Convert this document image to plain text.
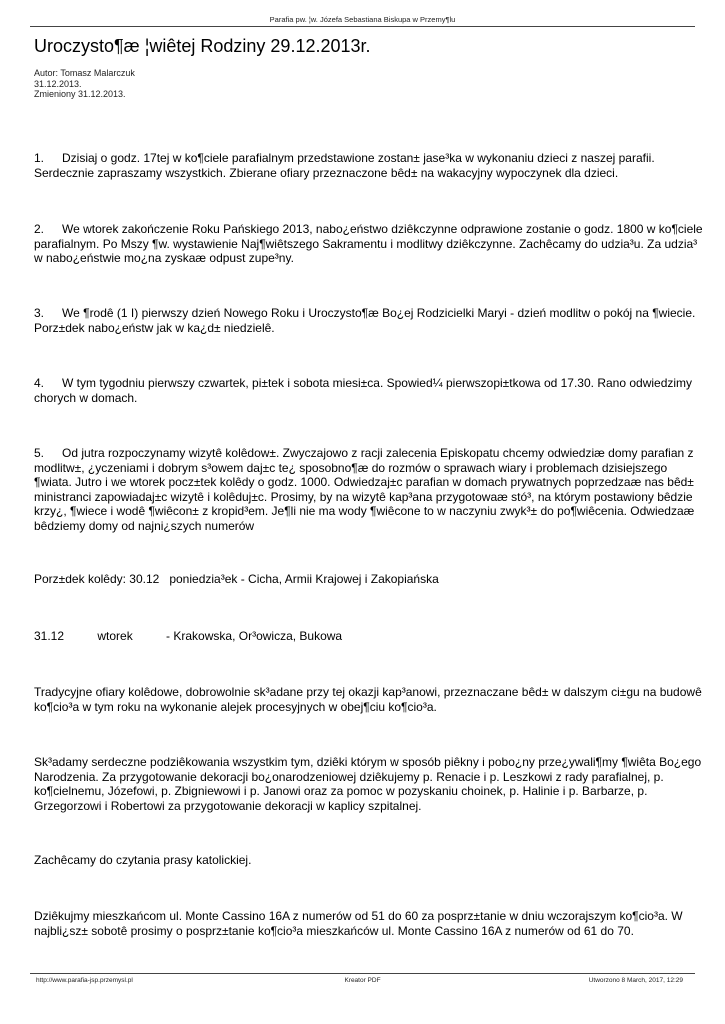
Parafia pw. ¦w. Józefa Sebastiana Biskupa w Przemy¶lu
Uroczysto¶æ ¦wiêtej Rodziny 29.12.2013r.
Autor: Tomasz Malarczuk
31.12.2013.
Zmieniony 31.12.2013.

1. Dzisiaj o godz. 17tej w ko¶ciele parafialnym przedstawione zostan± jase³ka w wykonaniu dzieci z naszej parafii. Serdecznie zapraszamy wszystkich. Zbierane ofiary przeznaczone bêd± na wakacyjny wypoczynek dla dzieci.

2. We wtorek zakończenie Roku Pańskiego 2013, nabo¿eństwo dziêkczynne odprawione zostanie o godz. 1800 w ko¶ciele parafialnym. Po Mszy ¶w. wystawienie Naj¶wiêtszego Sakramentu i modlitwy dziêkczynne. Zachêcamy do udzia³u. Za udzia³ w nabo¿eństwie mo¿na zyskaæ odpust zupe³ny.

3. We ¶rodê (1 I) pierwszy dzień Nowego Roku i Uroczysto¶æ Bo¿ej Rodzicielki Maryi - dzień modlitw o pokój na ¶wiecie. Porz±dek nabo¿eństw jak w ka¿d± niedzielê.

4. W tym tygodniu pierwszy czwartek, pi±tek i sobota miesi±ca. Spowied¼ pierwszopi±tkowa od 17.30. Rano odwiedzimy chorych w domach.

5. Od jutra rozpoczynamy wizytê kolêdow±. Zwyczajowo z racji zalecenia Episkopatu chcemy odwiedziæ domy parafian z modlitw±, ¿yczeniami i dobrym s³owem daj±c te¿ sposobno¶æ do rozmów o sprawach wiary i problemach dzisiejszego ¶wiata. Jutro i we wtorek pocz±tek kolêdy o godz. 1000. Odwiedzaj±c parafian w domach prywatnych poprzedzaæ nas bêd± ministranci zapowiadaj±c wizytê i kolêduj±c. Prosimy, by na wizytê kap³ana przygotowaæ stó³, na którym postawiony bêdzie krzy¿, ¶wiece i wodê ¶wiêcon± z kropid³em. Je¶li nie ma wody ¶wiêcone to w naczyniu zwyk³± do po¶wiêcenia. Odwiedzaæ bêdziemy domy od najni¿szych numerów

Porz±dek kolêdy: 30.12   poniedzia³ek - Cicha, Armii Krajowej i Zakopiańska

31.12          wtorek          - Krakowska, Or³owicza, Bukowa

Tradycyjne ofiary kolêdowe, dobrowolnie sk³adane przy tej okazji kap³anowi, przeznaczane bêd± w dalszym ci±gu na budowê ko¶cio³a w tym roku na wykonanie alejek procesyjnych w obej¶ciu ko¶cio³a.

Sk³adamy serdeczne podziêkowania wszystkim tym, dziêki którym w sposób piêkny i pobo¿ny prze¿ywali¶my ¶wiêta Bo¿ego Narodzenia. Za przygotowanie dekoracji bo¿onarodzeniowej dziêkujemy p. Renacie i p. Leszkowi z rady parafialnej, p. ko¶cielnemu, Józefowi, p. Zbigniewowi i p. Janowi oraz za pomoc w pozyskaniu choinek, p. Halinie i p. Barbarze, p. Grzegorzowi i Robertowi za przygotowanie dekoracji w kaplicy szpitalnej.

Zachêcamy do czytania prasy katolickiej.

Dziêkujmy mieszkańcom ul. Monte Cassino 16A z numerów od 51 do 60 za posprz±tanie w dniu wczorajszym ko¶cio³a. W najbli¿sz± sobotê prosimy o posprz±tanie ko¶cio³a mieszkańców ul. Monte Cassino 16A z numerów od 61 do 70.

http://www.parafia-jsp.przemysl.pl	Kreator PDF	Utworzono 8 March, 2017, 12:29
